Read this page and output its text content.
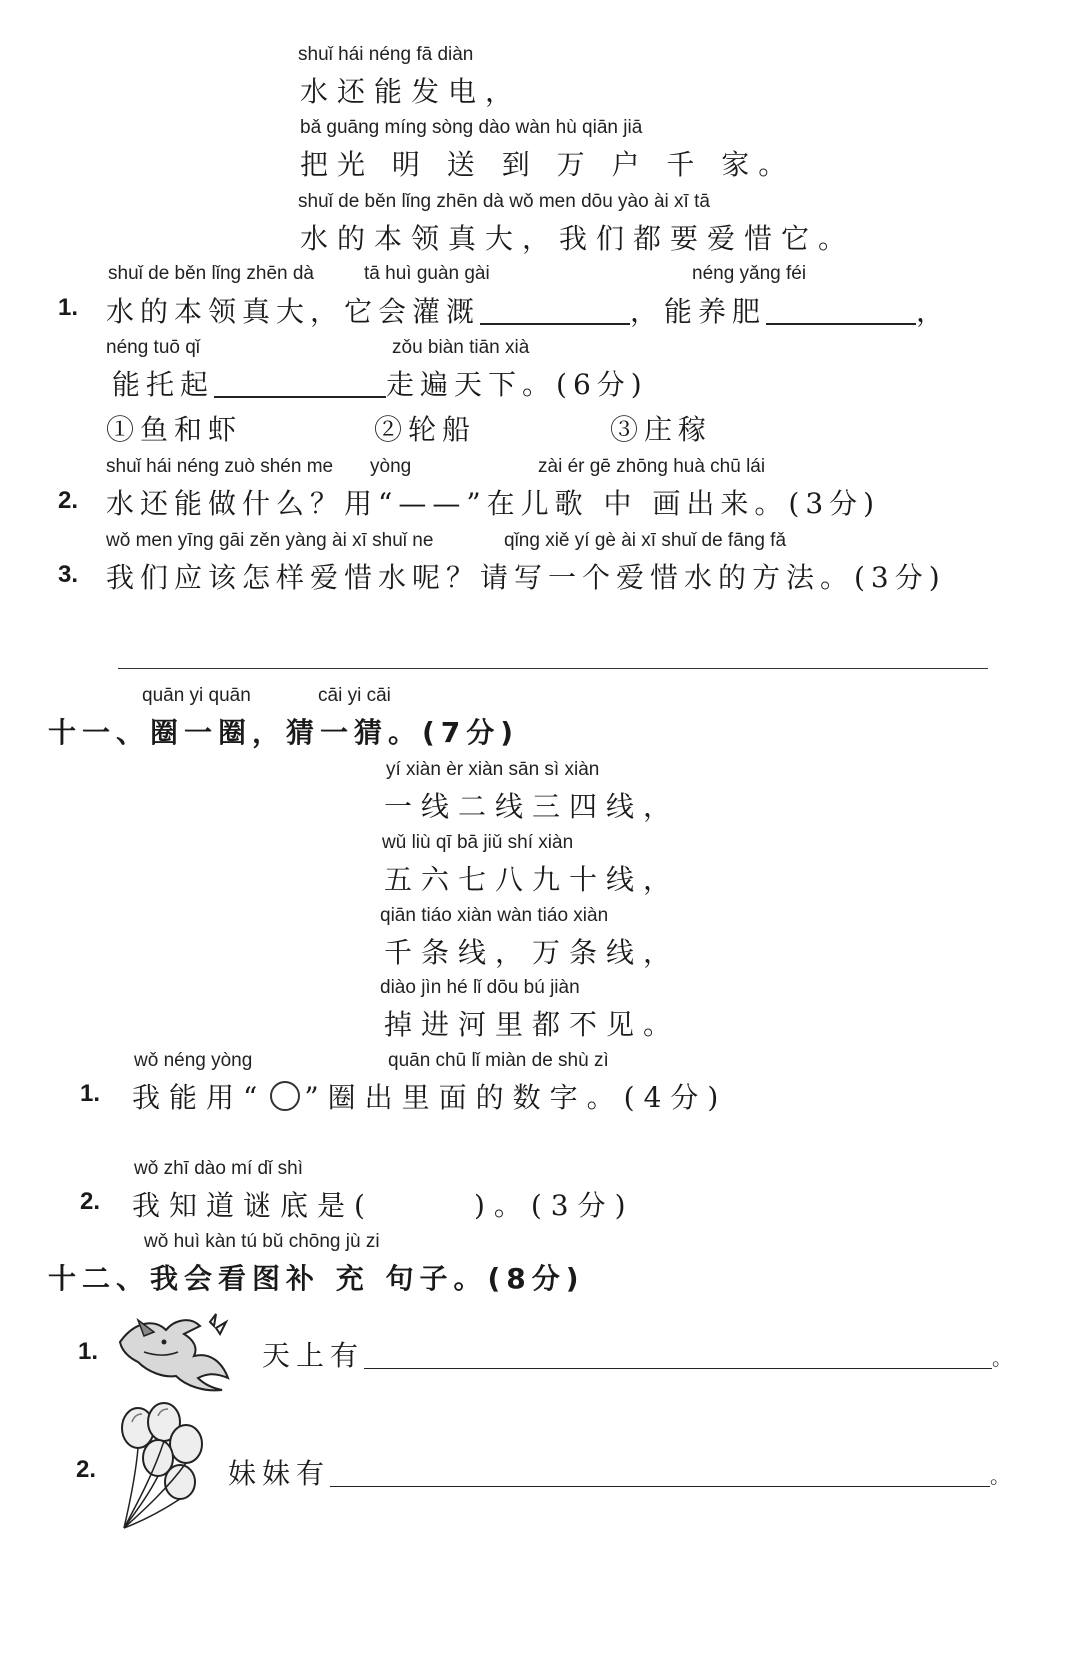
shuǐ hái néng fā diàn
水还能发电，
bǎ guāng míng sòng dào wàn hù qiān jiā
把光 明 送 到 万 户 千 家。
shuǐ de běn lǐng zhēn dà wǒ men dōu yào ài xī tā
水的本领真大，我们都要爱惜它。
shuǐ de běn lǐng zhēn dà	tā huì guàn gài	néng yǎng féi
1. 水的本领真大，它会灌溉	，能养肥	，
néng tuō qǐ	zǒu biàn tiān xià
能托起	走遍天下。(6分)
①鱼和虾	②轮船	③庄稼
shuǐ hái néng zuò shén me yòng	zài ér gē zhōng huà chū lái
2. 水还能做什么？用“——”在儿歌 中 画出来。(3分)
wǒ men yīng gāi zěn yàng ài xī shuǐ ne	qǐng xiě yí gè ài xī shuǐ de fāng fǎ
3. 我们应该怎样爱惜水呢？请写一个爱惜水的方法。(3分)
quān yi quān	cāi yi cāi
十一、圈一圈，猜一猜。(7分)
yí xiàn èr xiàn sān sì xiàn
一线二线三四线，
wǔ liù qī bā jiǔ shí xiàn
五六七八九十线，
qiān tiáo xiàn wàn tiáo xiàn
千条线，万条线，
diào jìn hé lǐ dōu bú jiàn
掉进河里都不见。
wǒ néng yòng	quān chū lǐ miàn de shù zì
1. 我能用“ ”圈出里面的数字。(4分)
wǒ zhī dào mí dǐ shì
2. 我知道谜底是(	)。(3分)
wǒ huì kàn tú bǔ chōng jù zi
十二、我会看图补 充 句子。(8分)
1.	天上有	。
2.	妹妹有	。
